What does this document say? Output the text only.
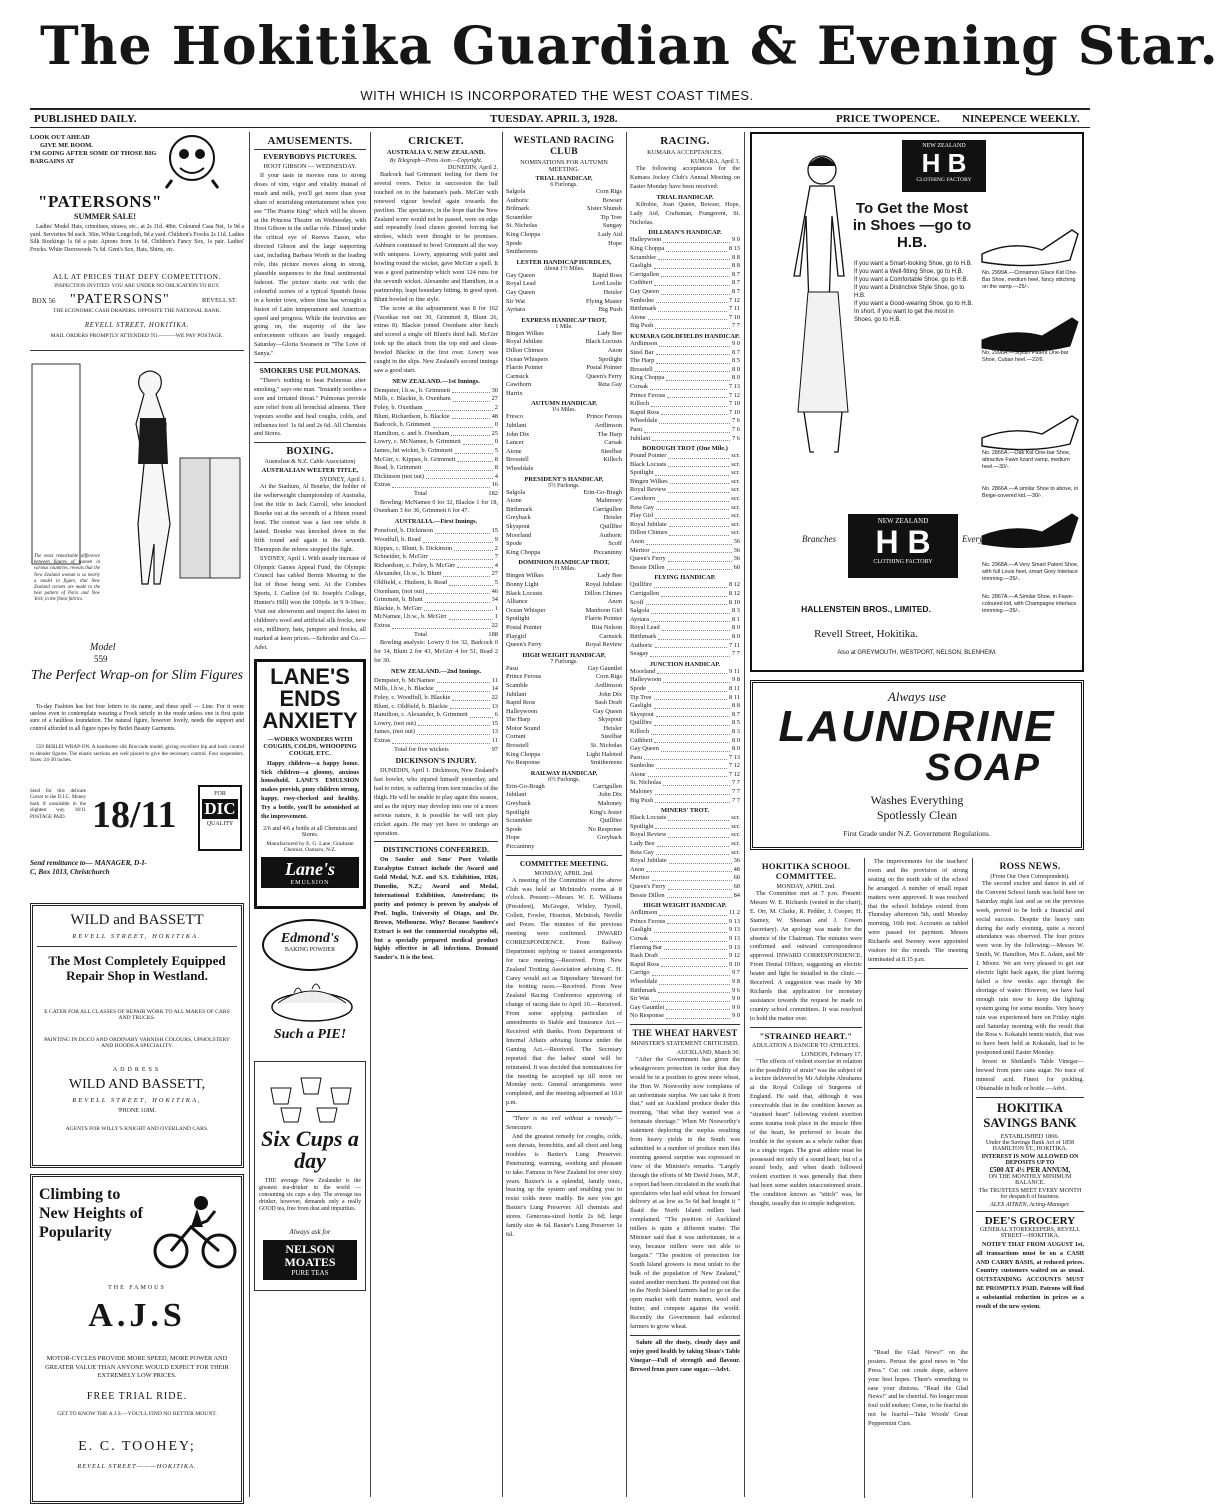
The Hokitika Guardian & Evening Star.
WITH WHICH IS INCORPORATED THE WEST COAST TIMES.
PUBLISHED DAILY.	TUESDAY. APRIL 3, 1928.	PRICE TWOPENCE. NINEPENCE WEEKLY.
LOOK OUT AHEAD
GIVE ME ROOM.
I'M GOING AFTER SOME OF THOSE BIG BARGAINS AT
"PATERSONS"
SUMMER SALE!

Ladies' Model Hats, crinolines, straws, etc., at 2s 11d. 48in. Coloured Casa Net, 1s 9d a yard. Serviettes 9d each. 36in. White Longcloth, 9d a yard. Children's Frocks 2s 11d. Ladies Silk Stockings 1s 6d a pair. Aprons from 1s 6d. Children's Fancy Sox, 1s pair. Ladies' Frocks. White Deerswools 7s 6d. Gent's Sox, Hats, Shirts, etc.

ALL AT PRICES THAT DEFY COMPETITION.
INSPECTION INVITED: YOU ARE UNDER NO OBLIGATION TO BUY.
BOX 56 "PATERSONS"	REVELL ST.
THE ECONOMIC CASH DRAPERS. OPPOSITE THE NATIONAL BANK.
REVELL STREET, HOKITIKA.
MAIL ORDERS PROMPTLY ATTENDED TO.———WE PAY POSTAGE.

The most remarkable difference between figures of women in various countries, reveals that the New Zealand woman is so nearly a model in figure, that New Zealand corsets are made to the best pattern of Paris and New York, in the finest fabrics.

Model
559
The Perfect Wrap-on for Slim Figures

To-day Fashion has but four letters to its name, and these spell — Line. For it were useless even to contemplate wearing a Frock strictly in the mode unless one is first quite sure of a faultless foundation. The natural figure, however lovely, needs the support and control afforded to all figure types by Berlei Beauty Garments.

559 BERLEI WRAP-ON. A handsome silk Broccade model, giving excellent hip and back control to slender figures. The elastic sections are well placed to give the necessary control. Four suspenders. Sizes: 24-30 inches.

Send for this delicate Corset to the D.I.C. Money back if unsuitable in the slightest way. 18/11 POSTAGE PAID. 18/11	FOR
DIC
QUALITY
Send remittance to— MANAGER, D-I-C, Box 1013, Christchurch
WILD and BASSETT
REVELL STREET, HOKITIKA.
The Most Completely Equipped Repair Shop in Westland.
E CATER FOR ALL CLASSES OF REPAIR WORK TO ALL MAKES OF CARS AND TRUCKS.
PAINTING IN DUCO AND ORDINARY VARNISH COLOURS, UPHOLSTERY AND HOODS A SPECIALITY.
ADDRESS
WILD AND BASSETT,
REVELL STREET, HOKITIKA,
'PHONE 118M.
AGENTS FOR WILLY'S KNIGHT AND OVERLAND CARS.
Climbing to New Heights of Popularity
THE FAMOUS
A.J.S
MOTOR-CYCLES PROVIDE MORE SPEED, MORE POWER AND GREATER VALUE THAN ANYONE WOULD EXPECT FOR THEIR EXTREMELY LOW PRICES.
FREE TRIAL RIDE.
GET TO KNOW THE A.J.S.—YOU'LL FIND NO BETTER MOUNT.
E. C. TOOHEY;
REVELL STREET———HOKITIKA.
AMUSEMENTS.
EVERYBODYS PICTURES.
HOOT GIBSON — WEDNESDAY.

If your taste in movies runs to strong doses of vim, vigor and vitality instead of mush and milk, you'll get more than your share of nourishing entertainment when you see "The Prairie King" which will be shown at the Princess Theatre on Wednesday, with Hoot Gibson in the stellar role. Filmed under the critical eye of Reeves Eason, who directed Gibson and the large supporting cast, including Barbara Worth in the leading role, this picture moves along in strong, plausible sequences to the final sentimental fadeout. The picture starts out with the colourful scenes of a typical Spanish fiesta in a border town, where time has wrought a fusion of Latin temperament and American speed and progress. While the festivities are going on, the majority of the law enforcement officers are busily engaged. Saturday—Gloria Swanson in "The Love of Sunya."

SMOKERS USE PULMONAS.

"There's nothing to beat Pulmonas after smoking," says one man. "Instantly soothes a sore and irritated throat." Pulmonas provide sure relief from all bronchial ailments. Their vapours soothe and heal coughs, colds, and influenza too! 1s 6d and 2s 6d. All Chemists and Stores.

BOXING.
Australian & N.Z. Cable Association)
AUSTRALIAN WELTER TITLE,
SYDNEY, April 1.

At the Stadium, Al Bourke, the holder of the welterweight championship of Australia, lost the title to Jack Carroll, who knocked Bourke out at the seventh of a fifteen round bout. The contest was a fast one while it lasted. Bourke was knocked down in the fifth round and again in the seventh. Thereupon the referee stopped the fight.

SYDNEY, April 1. With steady increase of Olympic Games Appeal Fund, the Olympic Council has cabled Bernie Mearing to the list of those being sent. At the Combes Sports, J. Carlton (of St. Joseph's College, Hunter's Hill) won the 100yds. in 9 9-10sec. Visit our showroom and inspect the latest in children's wool and artificial silk frocks, new sox, millinery, hats, jumpers and frocks, all marked at keen prices.—Schroder and Co.—Advt.

LANE'S ENDS ANXIETY
—WORKS WONDERS WITH COUGHS, COLDS, WHOOPING COUGH, ETC.

Happy children—a happy home. Sick children—a gloomy, anxious household. LANE'S EMULSION makes peevish, puny children strong, happy, rosy-cheeked and healthy. Try a bottle, you'll be astonished at the improvement.

2/6 and 4/6 a bottle at all Chemists and Stores.
Manufactured by E. G. Lane, Graduate Chemist, Oamaru, N.Z.
Lane's
EMULSION
Edmond's
BAKING POWDER
Such a PIE!
Six Cups a day

THE average New Zealander is the greatest tea-drinker in the world — consuming six cups a day. The average tea drinker, however, demands only a really GOOD tea, free from dust and impurities.

Always ask for
NELSON MOATES
PURE TEAS
CRICKET.
AUSTRALIA V. NEW ZEALAND.
By Telegraph—Press Assn.—Copyright.
DUNEDIN, April 2.

Badcock had Grimmett feeling for them for several overs. Twice in succession the ball touched on to the batsman's pads. McGirr with renewed vigour bowled again towards the pavilion. The spectators, in the hope that the New Zealand score would not be passed, were on edge and repeatedly loud cheers greeted forcing bat strokes, which were thought to be promises. Ashburn continued to bowl Grimmett all the way with uniquess. Lowry, appearing with paint and bowling round the wicket, gave McGirr a spell. It was a good partnership which went 124 runs for the seventh wicket. Alexander and Hamilton, in a partnership, leapt boundary hitting, in good sport. Blunt bowled in fine style.

The score at the adjournment was 8 for 162 (Vacetkas not out 30, Grimmett 8, Blunt 26, extras 8). Blackie joined Oxenham after lunch and scored a single off Blunt's third ball. McGirr took up the attack from the top end and clean-bowled Blackie in the first over. Lowry was caught in the slips. New Zealand's second innings saw a good start.

NEW ZEALAND.—1st Innings.
Dempster, l.b.w., b. Grimmett	30
Mills, c. Blackie, b. Oxenham	27
Foley, b. Oxenham	2
Blunt, Richardson, b. Blackie	48
Badcock, b. Grimmett	0
Hamilton, c. and b. Oxenham	25
Lowry, c. McNamee, b. Grimmett	0
James, hit wicket, b. Grimmett	5
McGirr, c. Kippax, b. Grimmett	8
Read, b. Grimmett	8
Dickinson (not out)	4
Extras	16
Total	182

Bowling: McNamee 0 for 32, Blackie 1 for 18, Oxenham 3 for 36, Grimmett 6 for 47.

AUSTRALIA.—First Innings.
Ponsford, b. Dickinson	15
Woodfull, b. Read	9
Kippax, c. Blunt, b. Dickinson	2
Schneider, b. McGirr	7
Richardson, c. Foley, b. McGirr	4
Alexander, l.b.w., b. Blunt	27
Oldfield, c. Hudson, b. Read	5
Oxenham, (not out)	46
Grimmett, b. Blunt	34
Blackie, b. McGirr	1
McNamee, l.b.w., b. McGirr	1
Extras	22
Total	188

Bowling analysis: Lowry 0 for 32, Badcock 0 for 14, Blunt 2 for 43, McGirr 4 for 51, Read 2 for 30.

NEW ZEALAND.—2nd Innings.
Dempster, b. McNamee	11
Mills, l.b.w., b. Blackie	14
Foley, c. Woodfull, b. Blackie	22
Blunt, c. Oldfield, b. Blackie	13
Hamilton, c. Alexander, b. Grimmett	6
Lowry, (not out)	15
James, (not out)	13
Extras	11
Total for five wickets	97
DICKINSON'S INJURY.

DUNEDIN, April 1. Dickinson, New Zealand's fast bowler, who injured himself yesterday, and had to retire, is suffering from torn muscles of the thigh. He will be unable to play again this season, and as the injury may develop into one of a more serious nature, it is possible he will not play cricket again. He may yet have to undergo an operation.

DISTINCTIONS CONFERRED.

On Sander and Sons' Pure Volatile Eucalyptus Extract include the Award and Gold Medal, N.Z. and S.S. Exhibition, 1926, Dunedin, N.Z.; Award and Medal, International Exhibition, Amsterdam; its purity and potency is proven by analysis of Prof. Inglis, University of Otago, and Dr. Brown, Melbourne. Why? Because Sanders's Extract is not the commercial eucalyptus oil, but a specially prepared medical product highly effective in all infections. Demand Sander's. It is the best.

WESTLAND RACING CLUB
NOMINATIONS FOR AUTUMN MEETING.
TRIAL HANDICAP,
6 Furlongs.
Salgola	Corn Rigs
Authoric	Bowser
Brilmark	Sister Shunsh
Scrambler	Tip Tree
St. Nicholas	Sungay
King Choppa	Lady Aid
Spode	Hope
Smithereens
LESTER HANDICAP HURDLES,
About 1½ Miles.
Gay Queen	Rapid Ross
Royal Lead	Lord Leslie
Gay Queen	Heisler
Sir Wat	Flying Master
Ayrtara	Big Push
EXPRESS HANDICAP TROT,
1 Mile.
Bingen Wilkes	Lady Bee
Royal Jubilate	Black Locusts
Dillon Chimes	Anon
Ocean Whispers	Spotlight
Flarrie Pointer	Postal Pointer
Carnsick	Queen's Ferry
Cawthorn	Reta Gay
Harrix
AUTUMN HANDICAP,
1¼ Miles.
Fresco	Prince Ferous
Jubilant	Ardlimson
John Dix	The Harp
Lancer	Carsak
Atone	Steelbar
Brosstell	Killech
Wheeldale
PRESIDENT'S HANDICAP,
5½ Furlongs.
Salgola	Erin-Go-Bragh
Atone	Mahmoey
Birthmark	Carrigullen
Greyback	Heisler
Skyspout	Quillfire
Moorland	Authoric
Spode	Scoff
King Choppa	Piccaninny
DOMINION HANDICAP TROT,
1½ Miles.
Bingen Wilkes	Lady Bee
Bonny Light	Royal Jubilate
Black Locusts	Dillon Chimes
Alliance	Anon
Ocean Whisper	Manhoon Girl
Spotlight	Flarrie Pointer
Postal Pointer	Rita Nelson
Playgirl	Carnsick
Queen's Ferry	Royal Review
HIGH WEIGHT HANDICAP,
7 Furlongs.
Pasu	Gay Gauntlet
Prince Ferous	Corn Rigs
Scamble	Ardlimson
Jubilant	John Dix
Rapid Ross	Sash Draft
Halleywoon	Gay Queen
The Harp	Skyspout
Motor Sound	Heisler
Corrant	Steelbar
Brosstell	St. Nicholas
King Choppa	Light Haloted
No Response	Smithereens
RAILWAY HANDICAP,
6½ Furlongs.
Erin-Go-Bragh	Carrigullen
Jubilant	John Dix
Greyback	Mahoney
Spotlight	King's Jester
Scrambler	Quillfire
Spode	No Response
Hope	Greyback
Piccaninny
COMMITTEE MEETING.
MONDAY, APRIL 2nd.

A meeting of the Committee of the above Club was held at McIntosh's rooms at 8 o'clock. Present:—Messrs W. E. Williams (President), McGregor, Whiley, Tyrrell, Collett, Fowler, Hourton, McIntosh, Neville and Poore. The minutes of the previous meeting were confirmed. INWARD CORRESPONDENCE. From Railway Department replying re transit arrangements for race meeting.—Received. From New Zealand Trotting Association advising C. H. Carey would act as Stipendiary Steward for the trotting races.—Received. From New Zealand Racing Conference approving of change of racing date to April 10.—Received. From some applying particulars of amendments to Stable and Insurance Act.—Received with thanks. From Department of Internal Affairs advising licence under the Gaming Act.—Received. The Secretary reported that the ladies' stand will be reinstated. It was decided that nominations for the meeting be accepted up till noon on Monday next. General arrangements were completed, and the meeting adjourned at 10.0 p.m.

"There is no evil without a remedy."—Senecaure.

And the greatest remedy for coughs, colds, sore throats, bronchitis, and all chest and lung troubles is Baxter's Lung Preserver. Penetrating, warming, soothing and pleasant to take. Famous in New Zealand for over sixty years. Baxter's is a splendid, family tonic, bracing up the system and enabling you to resist colds more readily. Be sure you get Baxter's Lung Preserver. All chemists and stores. Generous-sized bottle 2s 6d; large family size 4s 6d. Baxter's Lung Preserver 1s 6d.

RACING.
KUMARA ACCEPTANCES.
KUMARA, April 3.

The following acceptances for the Kumara Jockey Club's Annual Meeting on Easter Monday have been received:

TRIAL HANDICAP.

Kilrobie, Joan Queen, Bowser, Hope, Lady Aid, Craftsman, Frangerent, St. Nicholas.

DILLMAN'S HANDICAP.
Halleywoon	9 0
King Choppa	8 13
Scrambler	8 8
Gaslight	8 8
Carrigullen	8 7
Cuthbert	8 7
Gay Queen	8 7
Sunbolne	7 12
Birthmark	7 11
Atone	7 10
Big Push	7 7
KUMARA GOLDFIELDS HANDICAP.
Ardlimson	9 0
Steel Bar	8 7
The Harp	8 5
Brosstell	8 0
King Choppa	8 0
Corsak	7 13
Prince Ferous	7 12
Killoch	7 10
Rapid Ross	7 10
Wheeldale	7 6
Pasu	7 6
Jubilant	7 6
BOROUGH TROT (One Mile.)
Pound Pointer	scr.
Black Locusts	scr.
Spotlight	scr.
Bingen Wilkes	scr.
Royal Review	scr.
Cawthorn	scr.
Reta Gay	scr.
Play Girl	scr.
Royal Jubilate	scr.
Dillon Chimes	scr.
Anon	36
Meritor	36
Queen's Ferry	36
Bessie Dillon	60
FLYING HANDICAP.
Quillfire	8 12
Carrigullen	8 12
Scoff	8 10
Salgola	8 3
Ayrtara	8 1
Royal Lead	8 0
Birthmark	8 0
Authoric	7 11
Seagay	7 7
JUNCTION HANDICAP.
Moorland	9 11
Halleywoon	9 8
Spode	8 11
Tip Tree	8 11
Gaslight	8 8
Skyspout	8 7
Quillfire	8 5
Killoch	8 3
Cuthbert	8 0
Gay Queen	8 0
Pasu	7 13
Sunbolne	7 12
Atone	7 12
St. Nicholas	7 7
Maloney	7 7
Big Push	7 7
MINERS' TROT.
Black Locusts	scr.
Spotlight	scr.
Royal Review	scr.
Lady Bee	scr.
Reta Gay	scr.
Royal Jubilate	36
Anon	48
Meritor	60
Queen's Ferry	60
Bessie Dillon	84
HIGH WEIGHT HANDICAP.
Ardlimson	11 2
Prince Ferous	9 13
Gaslight	9 13
Corsak	9 13
Flaming Bar	9 13
Rash Draft	9 12
Rapid Ross	9 10
Carrigo	9 7
Wheeldale	9 8
Birthmark	9 6
Sir Wat	9 0
Gay Gauntlet	9 0
No Response	9 0
THE WHEAT HARVEST
MINISTER'S STATEMENT CRITICISED.
AUCKLAND, March 30.

"After the Government has given the wheatgrowers protection in order that they would be in a position to grow more wheat, the Hon W. Nosworthy now complains of an unfortunate surplus. We can take it from that," said an Auckland produce dealer this morning, "that what they wanted was a fortunate shortage." When Mr Nosworthy's statement deploring the surplus resulting from heavy yields in the South was submitted to a number of produce men this morning general surprise was expressed in view of the Minister's remarks. "Largely through the efforts of Mr David Jones, M.P., a report had been circulated in the south that speculators who had sold wheat for forward delivery at as low as 5s 6d had bought it " Ilsaid the North Island millers had complained. "The position of Auckland millers is quite a different matter. The Minister said that it was unfortunate, in a way, because millers were not able to bargain." "The position of protection for South Island growers is most unfair to the bulk of the population of New Zealand," stated another merchant. He pointed out that in the North Island farmers had to go on the open market with their mutton, wool and butter, and compete against the world. Recently the Government had exhorted farmers to grow wheat.

Salute all the dusty, cloudy days and enjoy good health by taking Sloan's Table Vinegar—Full of strength and flavour. Brewed from pure cane sugar.—Advt.

NEW ZEALAND
H B
CLOTHING FACTORY
To Get the Most in Shoes —go to H.B.
If you want a Smart-looking Shoe, go to H.B.
If you want a Well-fitting Shoe, go to H.B.
If you want a Comfortable Shoe, go to H.B.
If you want a Distinctive Style Shoe, go to H.B.
If you want a Good-wearing Shoe, go to H.B.
In short, if you want to get the most in Shoes, go to H.B.
No. 2999A.—Cinnamon Glace Kid One-Bar Shoe, medium heel, fancy stitching on the vamp.—25/-.
No. 2998A.—Stylish Patent One-bar Shoe, Cuban heel.—22/6.
No. 2866A.—Oak Kid One-bar Shoe, attractive Fawn lizard vamp, medium heel.—30/-.
No. 2866A.—A similar Shoe to above, in Beige-covered kid.—30/-.
No. 2968A.—A Very Smart Patent Shoe, with full Louis heel, smart Grey Interlace trimming.—35/-.
No. 2867A.—A Similar Shoe, in Fawn-coloured kid, with Champagne interlace trimming.—35/-.
Branches
NEW ZEALAND
H B
CLOTHING FACTORY
Everywhere
HALLENSTEIN BROS., LIMITED.
Revell Street, Hokitika.
Also at GREYMOUTH, WESTPORT, NELSON, BLENHEIM.
Always use
LAUNDRINE
SOAP
Washes Everything Spotlessly Clean
First Grade under N.Z. Government Regulations.
HOKITIKA SCHOOL COMMITTEE.
MONDAY, APRIL 2nd.

The Committee met at 7 p.m. Present: Messrs W. E. Richards (vested in the chair), E. Orr, M. Clarke, R. Pedder, J. Cooper, H. Stamey, W. Sheenan and J. Cowen (secretary). An apology was made for the absence of the Chairman. The minutes were confirmed and outward correspondence approved. INWARD CORRESPONDENCE. From Dental Officer, suggesting an electric heater and light be installed in the clinic.—Received. A suggestion was made by Mr Richards that application for monetary assistance towards the request be made to country school committees. It was resolved to hold the matter over.

"STRAINED HEART."
ADULATION A DANGER TO ATHLETES.
LONDON, February 17.

"The effects of violent exercise in relation to the possibility of strain" was the subject of a lecture delivered by Mr Adolphe Abrahams at the Royal College of Surgeons of England. He said that, although it was conceivable that in the condition known as "strained heart" following violent exertion some trauma took place in the muscle fibre of the heart, he preferred to locate the trouble in the system as a whole rather than in a single organ. The great athlete must be possessed not only of a sound heart, but of a sound body, and when death followed violent exertion it was generally that there had been some sudden unaccustomed strain. The condition known as "stitch" was, he thought, usually due to simple indigestion.

The improvements for the teachers' room and the provision of strong seating on the north side of the school be arranged. A number of small repair matters were approved. It was resolved that the school holidays extend from Thursday afternoon 5th, until Monday morning, 16th inst. Accounts as tabled were passed for payment. Messrs Richards and Sweney were appointed visitors for the month. The meeting terminated at 8.15 p.m.

"Read the Glad News!" on the posters. Peruse the good news in "the Press." Cut out crude dope, achieve your best hopes. There's something to ease your distress. "Read the Glad News!" and be cheerful. No longer must foul cold endure; Come, to be fearful do not be fearful—Take Woods' Great Peppermint Cure.

ROSS NEWS.
(From Our Own Correspondent).

The second euchre and dance in aid of the Convent School funds was held here on Saturday night last and as on the previous week, proved to be both a financial and social success. Despite the heavy rain during the early evening, quite a record attendance was observed. The four prizes were won by the following:—Messrs W. Smith, W. Hamilton, Mrs E. Adam, and Mr J. Moore. We are very pleased to get our electric light back again, the plant having failed a few weeks ago through the shortage of water. However, we have had enough rain now to keep the lighting system going for some months. Very heavy rain was experienced here on Friday night and Saturday morning with the result that the Ross v. Kokatahi tennis match, that was to have been held at Kokatahi, had to be postponed until Easter Monday.

Invest in Shetland's Table Vinegar—brewed from pure cane sugar. No trace of mineral acid. Finest for pickling. Obtainable in bulk or bottle.—Advt.

HOKITIKA SAVINGS BANK
ESTABLISHED 1866.
Under the Savings Bank Act of 1858 HAMILTON ST., HOKITIKA.
INTEREST IS NOW ALLOWED ON DEPOSITS UP TO
£500 AT 4½ PER ANNUM,
ON THE MONTHLY MINIMUM BALANCE.
The TRUSTEES MEET EVERY MONTH for despatch of business.
ALEX AITKEN, Acting-Manager.
DEE'S GROCERY
GENERAL STOREKEEPERS, REVELL STREET—HOKITIKA.

NOTIFY THAT FROM AUGUST 1st, all transactions must be on a CASH AND CARRY BASIS, at reduced prices. Country customers waited on as usual. OUTSTANDING ACCOUNTS MUST BE PROMPTLY PAID. Patrons will find a substantial reduction in prices as a result of the new system.
